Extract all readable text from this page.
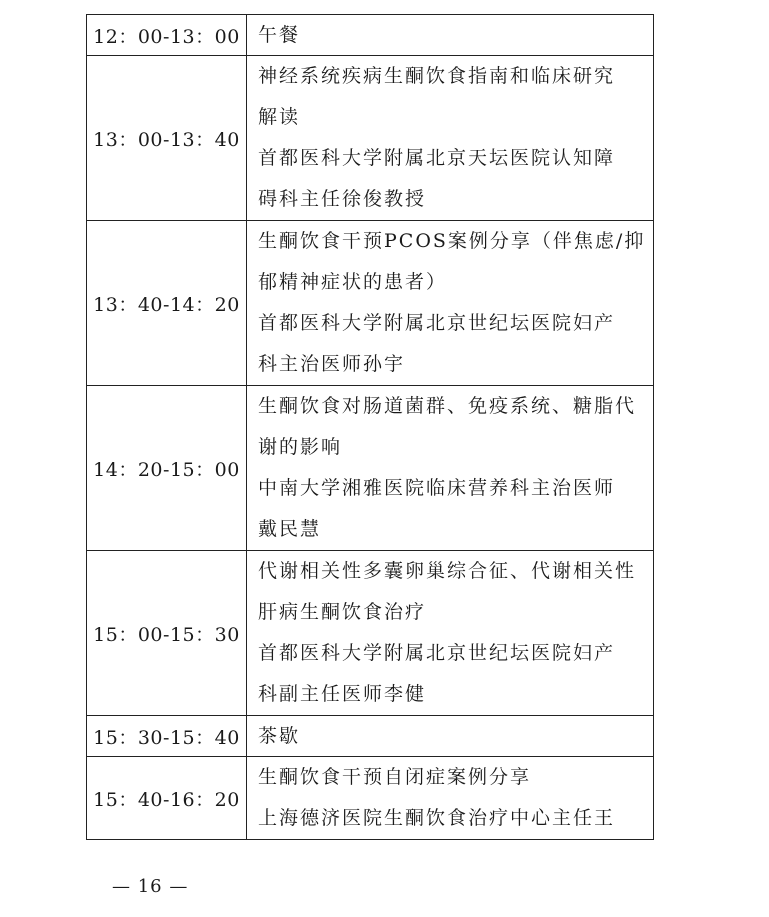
12：00-13：00	午餐

13：00-13：40	神经系统疾病生酮饮食指南和临床研究
解读
首都医科大学附属北京天坛医院认知障
碍科主任徐俊教授

13：40-14：20	生酮饮食干预PCOS案例分享（伴焦虑/抑
郁精神症状的患者）
首都医科大学附属北京世纪坛医院妇产
科主治医师孙宇

14：20-15：00	生酮饮食对肠道菌群、免疫系统、糖脂代
谢的影响
中南大学湘雅医院临床营养科主治医师
戴民慧

15：00-15：30	代谢相关性多囊卵巢综合征、代谢相关性
肝病生酮饮食治疗
首都医科大学附属北京世纪坛医院妇产
科副主任医师李健

15：30-15：40	茶歇

15：40-16：20	生酮饮食干预自闭症案例分享
上海德济医院生酮饮食治疗中心主任王
— 16 —
